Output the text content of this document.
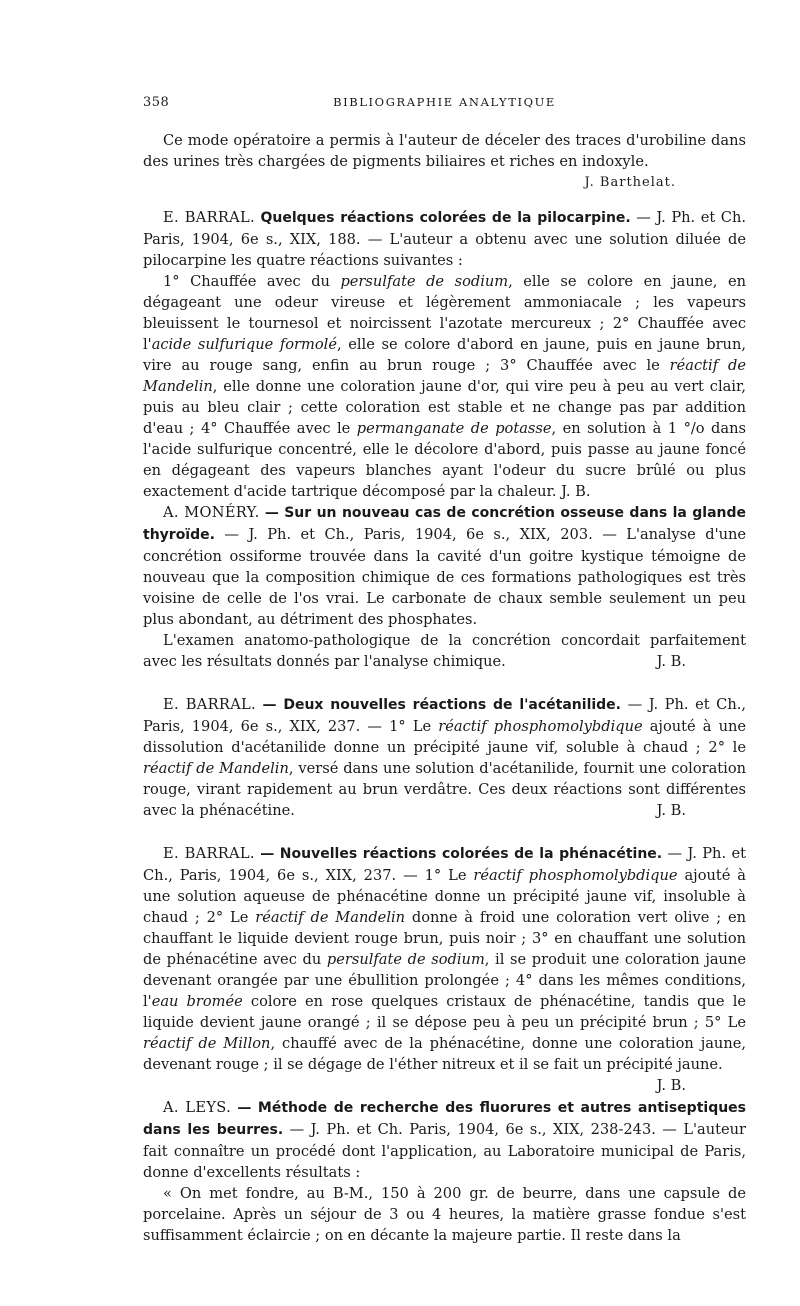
358	BIBLIOGRAPHIE ANALYTIQUE

Ce mode opératoire a permis à l'auteur de déceler des traces d'urobiline dans des urines très chargées de pigments biliaires et riches en indoxyle.

J. Barthelat.

E. BARRAL. Quelques réactions colorées de la pilocarpine. — J. Ph. et Ch. Paris, 1904, 6e s., XIX, 188. — L'auteur a obtenu avec une solution diluée de pilocarpine les quatre réactions suivantes :

1° Chauffée avec du persulfate de sodium, elle se colore en jaune, en dégageant une odeur vireuse et légèrement ammoniacale ; les vapeurs bleuissent le tournesol et noircissent l'azotate mercureux ; 2° Chauffée avec l'acide sulfurique formolé, elle se colore d'abord en jaune, puis en jaune brun, vire au rouge sang, enfin au brun rouge ; 3° Chauffée avec le réactif de Mandelin, elle donne une coloration jaune d'or, qui vire peu à peu au vert clair, puis au bleu clair ; cette coloration est stable et ne change pas par addition d'eau ; 4° Chauffée avec le permanganate de potasse, en solution à 1 °/o dans l'acide sulfurique concentré, elle le décolore d'abord, puis passe au jaune foncé en dégageant des vapeurs blanches ayant l'odeur du sucre brûlé ou plus exactement d'acide tartrique décomposé par la chaleur. J. B.

A. MONÉRY. — Sur un nouveau cas de concrétion osseuse dans la glande thyroïde. — J. Ph. et Ch., Paris, 1904, 6e s., XIX, 203. — L'analyse d'une concrétion ossiforme trouvée dans la cavité d'un goitre kystique témoigne de nouveau que la composition chimique de ces formations pathologiques est très voisine de celle de l'os vrai. Le carbonate de chaux semble seulement un peu plus abondant, au détriment des phosphates.

L'examen anatomo-pathologique de la concrétion concordait parfaitement avec les résultats donnés par l'analyse chimique.	J. B.

E. BARRAL. — Deux nouvelles réactions de l'acétanilide. — J. Ph. et Ch., Paris, 1904, 6e s., XIX, 237. — 1° Le réactif phosphomolybdique ajouté à une dissolution d'acétanilide donne un précipité jaune vif, soluble à chaud ; 2° le réactif de Mandelin, versé dans une solution d'acétanilide, fournit une coloration rouge, virant rapidement au brun verdâtre. Ces deux réactions sont différentes avec la phénacétine.	J. B.

E. BARRAL. — Nouvelles réactions colorées de la phénacétine. — J. Ph. et Ch., Paris, 1904, 6e s., XIX, 237. — 1° Le réactif phosphomolybdique ajouté à une solution aqueuse de phénacétine donne un précipité jaune vif, insoluble à chaud ; 2° Le réactif de Mandelin donne à froid une coloration vert olive ; en chauffant le liquide devient rouge brun, puis noir ; 3° en chauffant une solution de phénacétine avec du persulfate de sodium, il se produit une coloration jaune devenant orangée par une ébullition prolongée ; 4° dans les mêmes conditions, l'eau bromée colore en rose quelques cristaux de phénacétine, tandis que le liquide devient jaune orangé ; il se dépose peu à peu un précipité brun ; 5° Le réactif de Millon, chauffé avec de la phénacétine, donne une coloration jaune, devenant rouge ; il se dégage de l'éther nitreux et il se fait un précipité jaune.
J. B.

A. LEYS. — Méthode de recherche des fluorures et autres antiseptiques dans les beurres. — J. Ph. et Ch. Paris, 1904, 6e s., XIX, 238-243. — L'auteur fait connaître un procédé dont l'application, au Laboratoire municipal de Paris, donne d'excellents résultats :

« On met fondre, au B-M., 150 à 200 gr. de beurre, dans une capsule de porcelaine. Après un séjour de 3 ou 4 heures, la matière grasse fondue s'est suffisamment éclaircie ; on en décante la majeure partie. Il reste dans la
